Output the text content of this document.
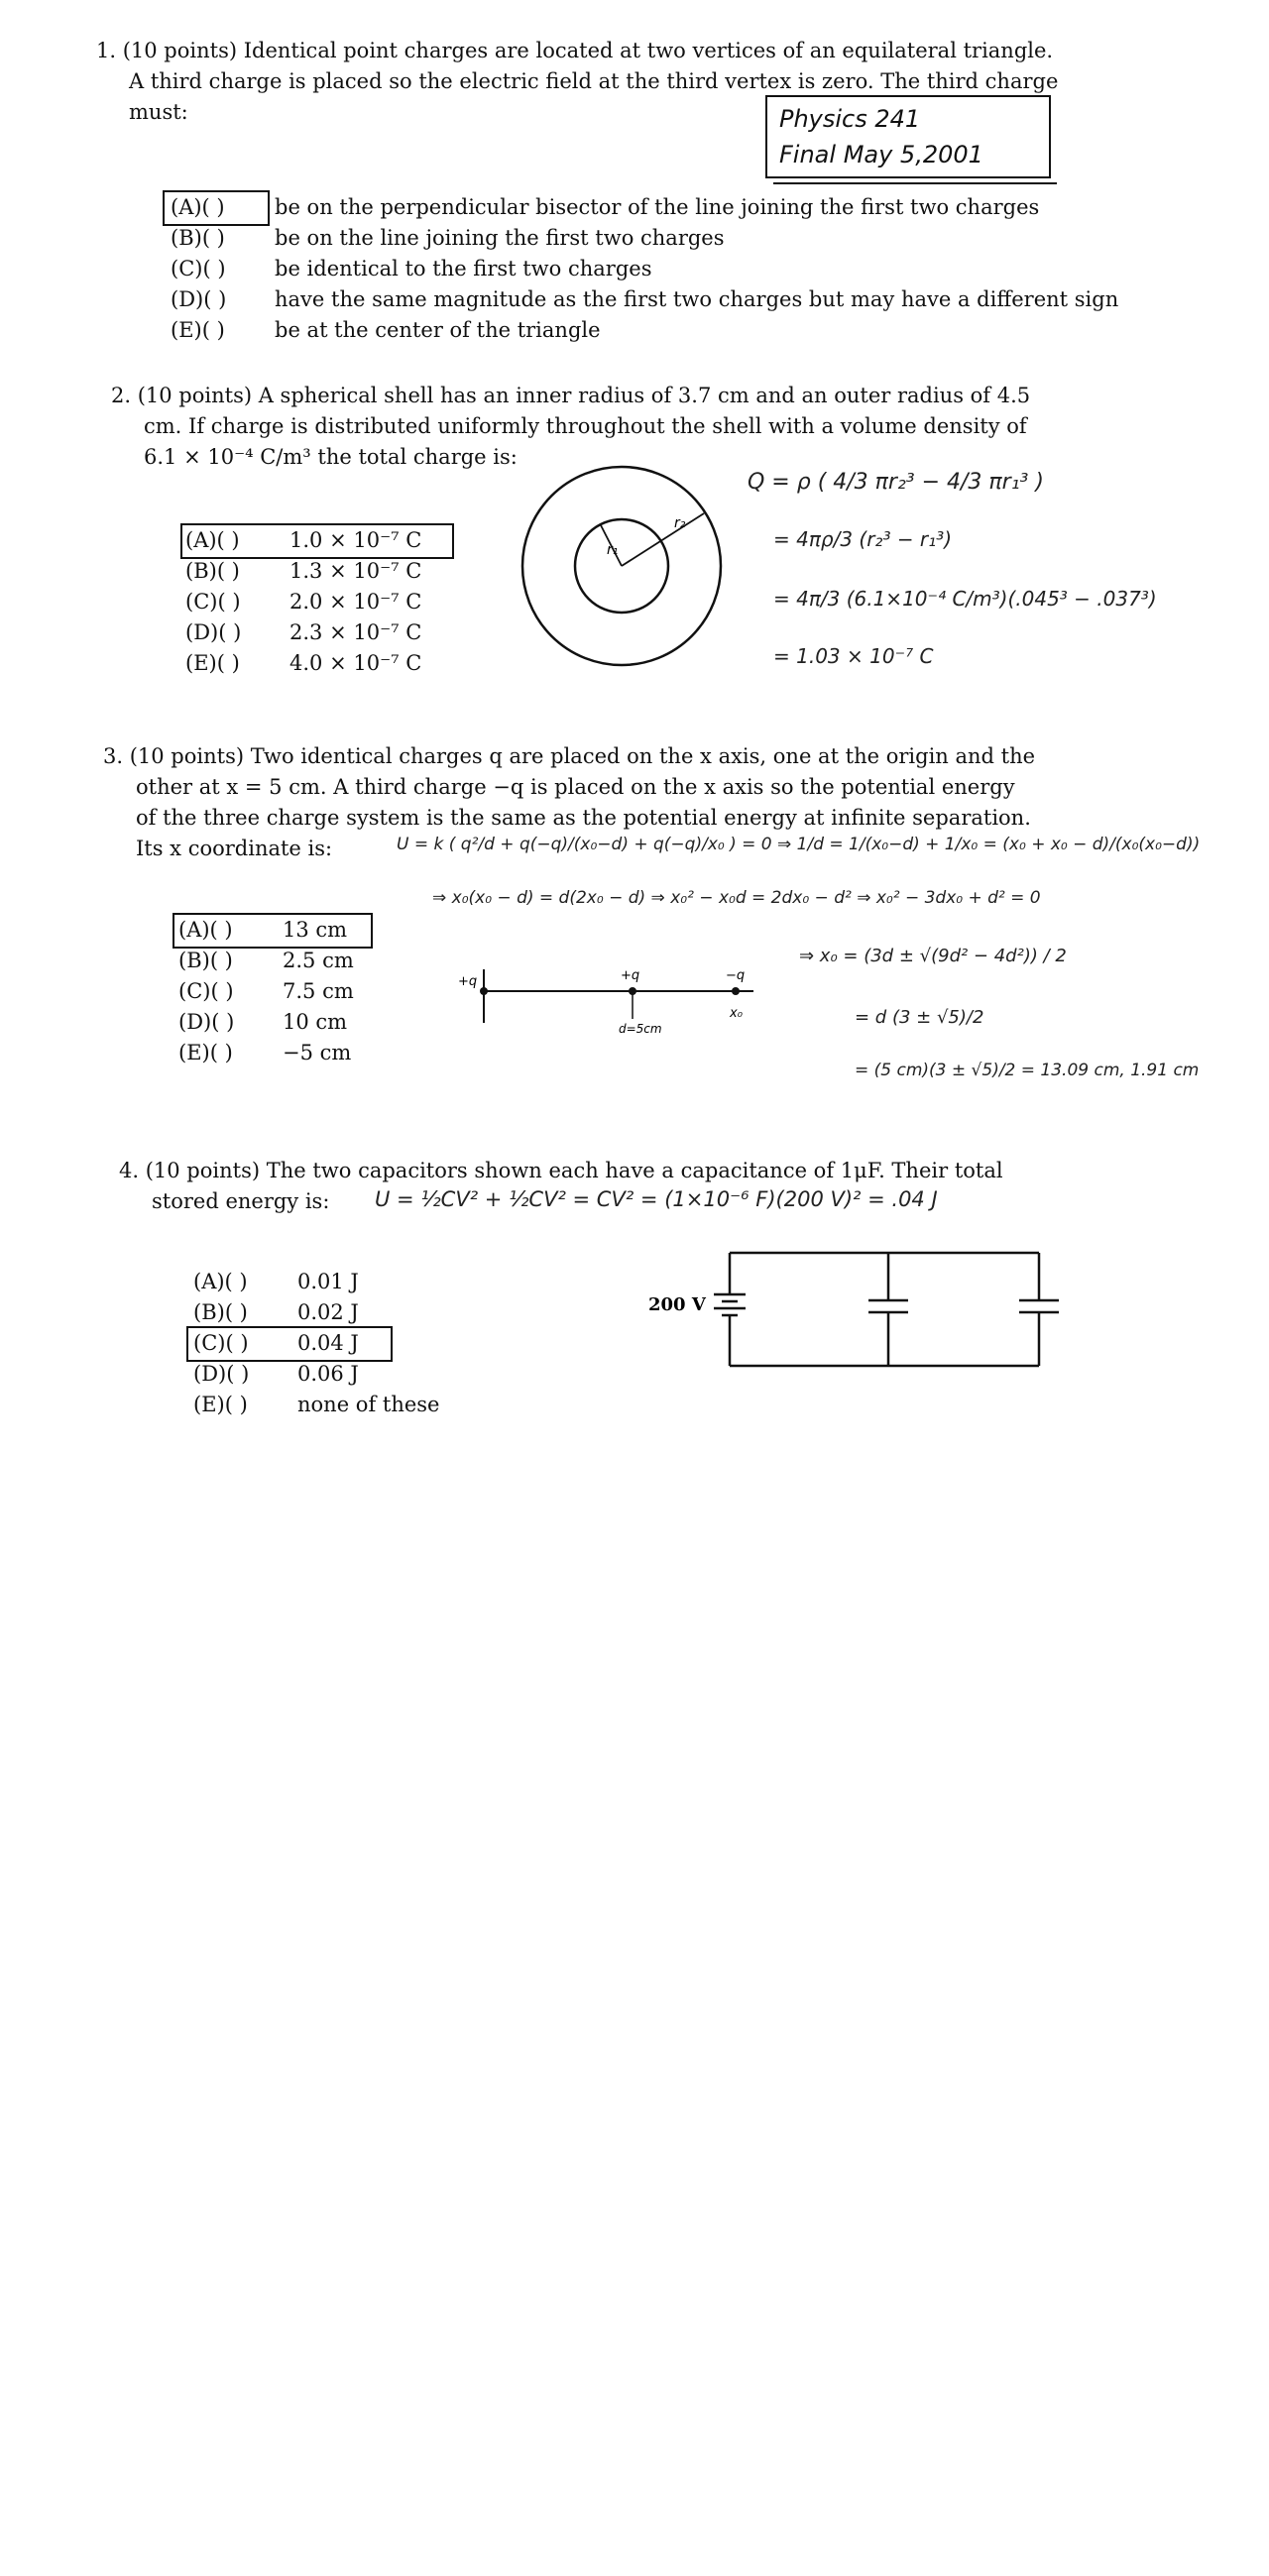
Physics 241
Final May 5,2001
1. (10 points) Identical point charges are located at two vertices of an equilateral triangle.
A third charge is placed so the electric field at the third vertex is zero. The third charge
must:
(A)( ) be on the perpendicular bisector of the line joining the first two charges
(B)( ) be on the line joining the first two charges
(C)( ) be identical to the first two charges
(D)( ) have the same magnitude as the first two charges but may have a different sign
(E)( ) be at the center of the triangle
2. (10 points) A spherical shell has an inner radius of 3.7 cm and an outer radius of 4.5
cm. If charge is distributed uniformly throughout the shell with a volume density of
6.1 × 10⁻⁴ C/m³ the total charge is:
(A)( ) 1.0 × 10⁻⁷ C
(B)( ) 1.3 × 10⁻⁷ C
(C)( ) 2.0 × 10⁻⁷ C
(D)( ) 2.3 × 10⁻⁷ C
(E)( ) 4.0 × 10⁻⁷ C
r₁
r₂
Q = ρ ( 4/3 πr₂³ − 4/3 πr₁³ )
= 4πρ/3 (r₂³ − r₁³)
= 4π/3 (6.1×10⁻⁴ C/m³)(.045³ − .037³)
= 1.03 × 10⁻⁷ C
3. (10 points) Two identical charges q are placed on the x axis, one at the origin and the
other at x = 5 cm. A third charge −q is placed on the x axis so the potential energy
of the three charge system is the same as the potential energy at infinite separation.
Its x coordinate is:
(A)( ) 13 cm
(B)( ) 2.5 cm
(C)( ) 7.5 cm
(D)( ) 10 cm
(E)( ) −5 cm
U = k ( q²/d + q(−q)/(x₀−d) + q(−q)/x₀ ) = 0 ⇒ 1/d = 1/(x₀−d) + 1/x₀ = (x₀ + x₀ − d)/(x₀(x₀−d))
⇒ x₀(x₀ − d) = d(2x₀ − d) ⇒ x₀² − x₀d = 2dx₀ − d² ⇒ x₀² − 3dx₀ + d² = 0
⇒ x₀ = (3d ± √(9d² − 4d²)) / 2
= d (3 ± √5)/2
= (5 cm)(3 ± √5)/2 = 13.09 cm, 1.91 cm
+q	+q	−q
d=5cm
x₀
4. (10 points) The two capacitors shown each have a capacitance of 1μF. Their total
stored energy is:	U = ½CV² + ½CV² = CV² = (1×10⁻⁶ F)(200 V)² = .04 J
(A)( ) 0.01 J
(B)( ) 0.02 J
(C)( ) 0.04 J
(D)( ) 0.06 J
(E)( ) none of these
200 V
